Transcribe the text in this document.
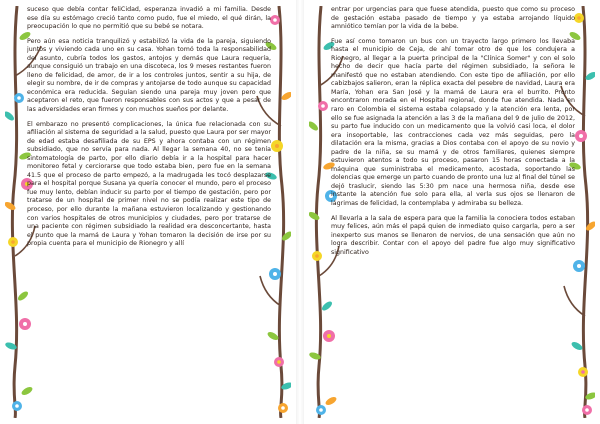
suceso que debía contar feliCidad, esperanza invadió a mi familia. Desde ese día su estómago creció tanto como pudo, fue el miedo, el qué dirán, la preocupación lo que no permitió que su bebé se notara.

Pero aún esa noticia tranquilizó y estabilizó la vida de la pareja, siguiendo juntos y viviendo cada uno en su casa. Yohan tomó toda la responsabilidad del asunto, cubría todos los gastos, antojos y demás que Laura requería, aunque consiguió un trabajo en una discoteca, los 9 meses restantes fueron lleno de felicidad, de amor, de ir a los controles juntos, sentir a su hija, de elegir su nombre, de ir de compras y antojarse de todo aunque su capacidad económica era reducida. Seguían siendo una pareja muy joven pero que aceptaron el reto, que fueron responsables con sus actos y que a pesar de las adversidades eran firmes y con muchos sueños por delante.

El embarazo no presentó complicaciones, la única fue relacionada con su afiliación al sistema de seguridad a la salud, puesto que Laura por ser mayor de edad estaba desafiliada de su EPS y ahora contaba con un régimen subsidiado, que no servía para nada. Al llegar la semana 40, no se tenía sintomatología de parto, por ello diario debía ir a la hospital para hacer monitoreo fetal y cerciorarse que todo estaba bien, pero fue en la semana 41.5 que el proceso de parto empezó, a la madrugada les tocó desplazarse para el hospital porque Susana ya quería conocer el mundo, pero el proceso fue muy lento, debían inducir su parto por el tiempo de gestación, pero por tratarse de un hospital de primer nivel no se podía realizar este tipo de proceso, por ello durante la mañana estuvieron localizando y gestionando con varios hospitales de otros municipios y ciudades, pero por tratarse de una paciente con régimen subsidiado la realidad era desconcertante, hasta el punto que la mamá de Laura y Yohan tomaron la decisión de irse por su propia cuenta para el municipio de Rionegro y allí

entrar por urgencias para que fuese atendida, puesto que como su proceso de gestación estaba pasado de tiempo y ya estaba arrojando líquido amniótico temían por la vida de la bebe.

Fue así como tomaron un bus con un trayecto largo primero los llevaba hasta el municipio de Ceja, de ahí tomar otro de que los condujera a Rionegro, al llegar a la puerta principal de la "Clínica Somer" y con el solo hecho de decir que hacía parte del régimen subsidiado, la señora le manifestó que no estaban atendiendo. Con este tipo de afiliación, por ello cabizbajos salieron, eran la réplica exacta del pesebre de navidad, Laura era María, Yohan era San José y la mamá de Laura era el burrito. Pronto encontraron morada en el Hospital regional, donde fue atendida. Nada en raro en Colombia el sistema estaba colapsado y la atención era lenta, por ello se fue asignada la atención a las 3 de la mañana del 9 de julio de 2012, su parto fue inducido con un medicamento que la volvió casi loca, el dolor era insoportable, las contracciones cada vez más seguidas, pero la dilatación era la misma, gracias a Dios contaba con el apoyo de su novio y padre de la niña, se su mamá y de otros familiares, quienes siempre estuvieron atentos a todo su proceso, pasaron 15 horas conectada a la máquina que suministraba el medicamento, acostada, soportando las dolencias que emerge un parto cuando de pronto una luz al final del túnel se dejó traslucir, siendo las 5:30 pm nace una hermosa niña, desde ese instante la atención fue solo para ella, al verla sus ojos se llenaron de lágrimas de felicidad, la contemplaba y admiraba su belleza.

Al llevarla a la sala de espera para que la familia la conociera todos estaban muy felices, aún más el papá quien de inmediato quiso cargarla, pero a ser inexperto sus manos se llenaron de nervios, de una sensación que aún no logra describir. Contar con el apoyo del padre fue algo muy significativo significativo
